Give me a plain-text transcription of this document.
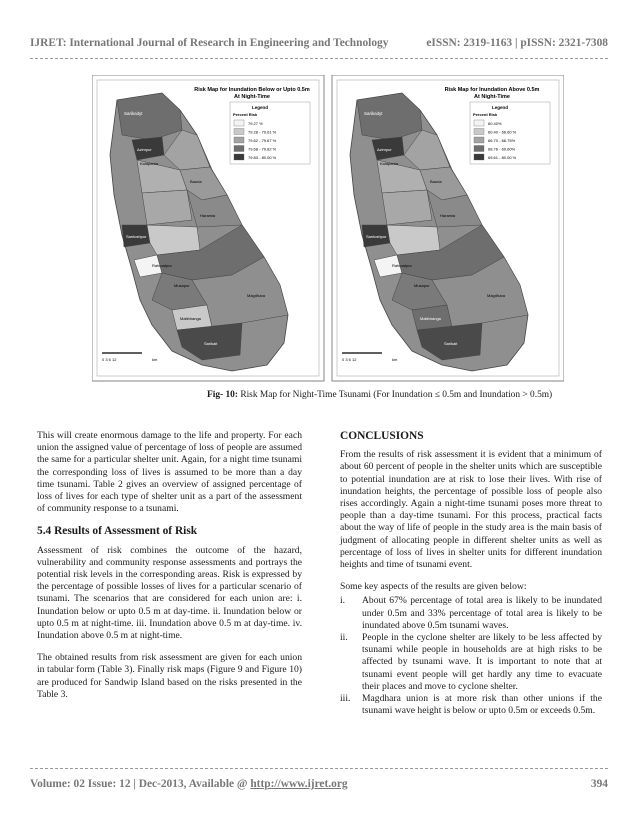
IJRET: International Journal of Research in Engineering and Technology	eISSN: 2319-1163 | pISSN: 2321-7308
Sarikaityt
Azimpur
Kalapania
Santoshpur
Bauria
Haramia
Rahmatpur
Musapur
Maitbhanga
Magdhara
Sarikait
Risk Map for Inundation Below or Upto 0.5m
At Night-Time
Legend
Percent Risk
79.27 %
79.28 - 79.61 %
79.62 - 79.67 %
79.68 - 79.82 %
79.83 - 80.00 %
0 3 6 12	km
Sarikaityt
Azimpur
Kalapania
Santoshpur
Bauria
Haramia
Rahmatpur
Musapur
Maitbhanga
Magdhara
Sarikait
Risk Map for Inundation Above 0.5m
At Night-Time
Legend
Percent Risk
60.40%
60.40 - 66.60 %
66.70 - 68.75%
68.76 - 69.60%
69.61 - 80.00 %
0 3 6 12	km
Fig- 10: Risk Map for Night-Time Tsunami (For Inundation ≤ 0.5m and Inundation > 0.5m)

This will create enormous damage to the life and property. For each union the assigned value of percentage of loss of people are assumed the same for a particular shelter unit. Again, for a night time tsunami the corresponding loss of lives is assumed to be more than a day time tsunami. Table 2 gives an overview of assigned percentage of loss of lives for each type of shelter unit as a part of the assessment of community response to a tsunami.

5.4 Results of Assessment of Risk

Assessment of risk combines the outcome of the hazard, vulnerability and community response assessments and portrays the potential risk levels in the corresponding areas. Risk is expressed by the percentage of possible losses of lives for a particular scenario of tsunami. The scenarios that are considered for each union are: i. Inundation below or upto 0.5 m at day-time. ii. Inundation below or upto 0.5 m at night-time. iii. Inundation above 0.5 m at day-time. iv. Inundation above 0.5 m at night-time.

The obtained results from risk assessment are given for each union in tabular form (Table 3). Finally risk maps (Figure 9 and Figure 10) are produced for Sandwip Island based on the risks presented in the Table 3.

CONCLUSIONS

From the results of risk assessment it is evident that a minimum of about 60 percent of people in the shelter units which are susceptible to potential inundation are at risk to lose their lives. With rise of inundation heights, the percentage of possible loss of people also rises accordingly. Again a night-time tsunami poses more threat to people than a day-time tsunami. For this process, practical facts about the way of life of people in the study area is the main basis of judgment of allocating people in different shelter units as well as percentage of loss of lives in shelter units for different inundation heights and time of tsunami event.

Some key aspects of the results are given below:

i. About 67% percentage of total area is likely to be inundated under 0.5m and 33% percentage of total area is likely to be inundated above 0.5m tsunami waves.
ii. People in the cyclone shelter are likely to be less affected by tsunami while people in households are at high risks to be affected by tsunami wave. It is important to note that at tsunami event people will get hardly any time to evacuate their places and move to cyclone shelter.
iii. Magdhara union is at more risk than other unions if the tsunami wave height is below or upto 0.5m or exceeds 0.5m.
Volume: 02 Issue: 12 | Dec-2013, Available @ http://www.ijret.org	394
